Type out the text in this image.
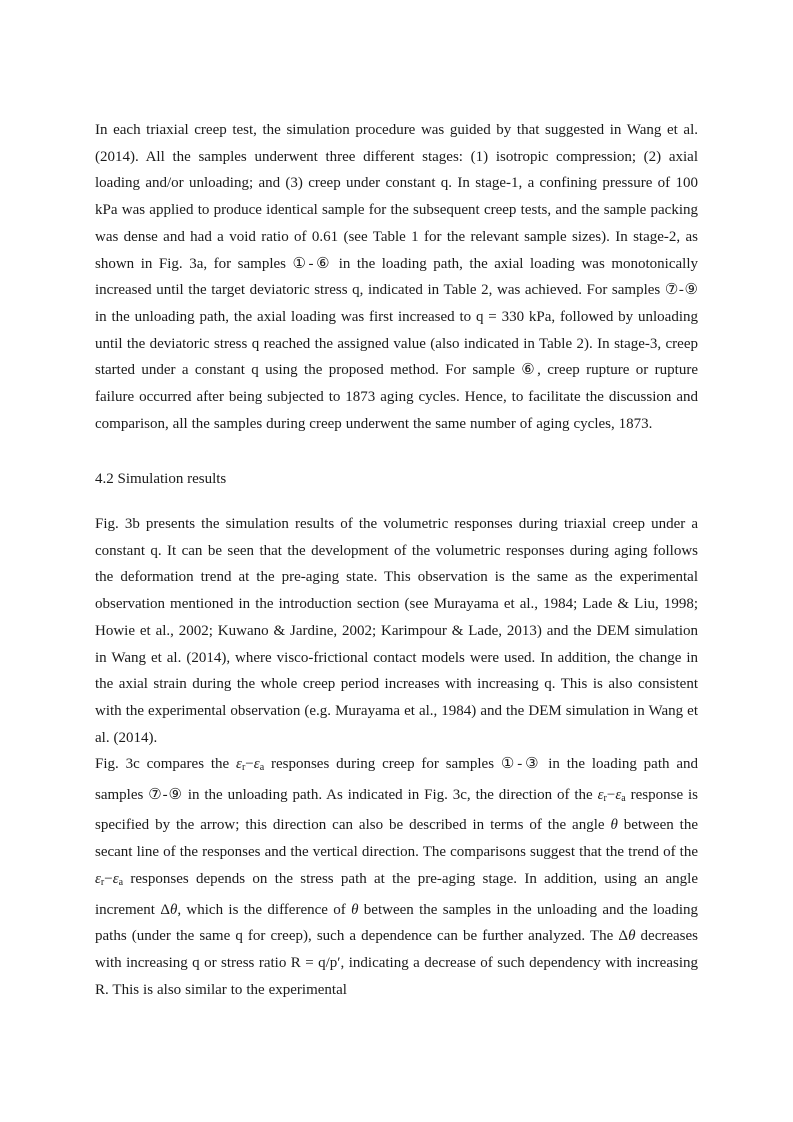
In each triaxial creep test, the simulation procedure was guided by that suggested in Wang et al. (2014). All the samples underwent three different stages: (1) isotropic compression; (2) axial loading and/or unloading; and (3) creep under constant q. In stage-1, a confining pressure of 100 kPa was applied to produce identical sample for the subsequent creep tests, and the sample packing was dense and had a void ratio of 0.61 (see Table 1 for the relevant sample sizes). In stage-2, as shown in Fig. 3a, for samples ①-⑥ in the loading path, the axial loading was monotonically increased until the target deviatoric stress q, indicated in Table 2, was achieved. For samples ⑦-⑨ in the unloading path, the axial loading was first increased to q = 330 kPa, followed by unloading until the deviatoric stress q reached the assigned value (also indicated in Table 2). In stage-3, creep started under a constant q using the proposed method. For sample ⑥, creep rupture or rupture failure occurred after being subjected to 1873 aging cycles. Hence, to facilitate the discussion and comparison, all the samples during creep underwent the same number of aging cycles, 1873.

4.2 Simulation results

Fig. 3b presents the simulation results of the volumetric responses during triaxial creep under a constant q. It can be seen that the development of the volumetric responses during aging follows the deformation trend at the pre-aging state. This observation is the same as the experimental observation mentioned in the introduction section (see Murayama et al., 1984; Lade & Liu, 1998; Howie et al., 2002; Kuwano & Jardine, 2002; Karimpour & Lade, 2013) and the DEM simulation in Wang et al. (2014), where visco-frictional contact models were used. In addition, the change in the axial strain during the whole creep period increases with increasing q. This is also consistent with the experimental observation (e.g. Murayama et al., 1984) and the DEM simulation in Wang et al. (2014).

Fig. 3c compares the $\varepsilon_r-\varepsilon_a$ responses during creep for samples ①-③ in the loading path and samples ⑦-⑨ in the unloading path. As indicated in Fig. 3c, the direction of the $\varepsilon_r-\varepsilon_a$ response is specified by the arrow; this direction can also be described in terms of the angle θ between the secant line of the responses and the vertical direction. The comparisons suggest that the trend of the $\varepsilon_r-\varepsilon_a$ responses depends on the stress path at the pre-aging stage. In addition, using an angle increment Δθ, which is the difference of θ between the samples in the unloading and the loading paths (under the same q for creep), such a dependence can be further analyzed. The Δθ decreases with increasing q or stress ratio R = q/p′, indicating a decrease of such dependency with increasing R. This is also similar to the experimental
